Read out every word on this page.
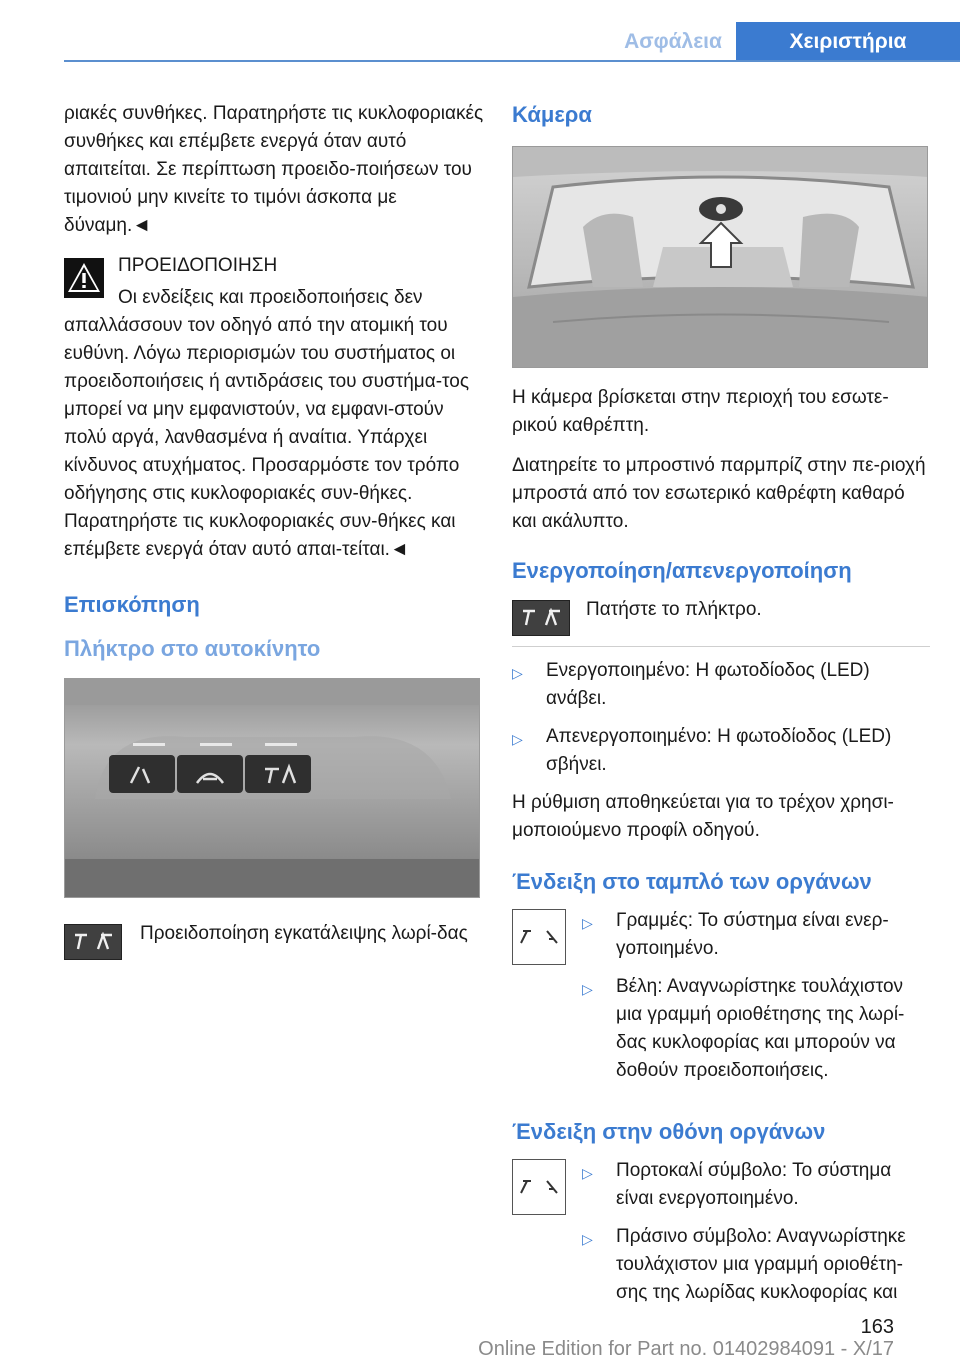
Ασφάλεια	Χειριστήρια
ριακές συνθήκες. Παρατηρήστε τις κυκλοφοριακές συνθήκες και επέμβετε ενεργά όταν αυτό απαιτείται. Σε περίπτωση προειδο-ποιήσεων του τιμονιού μην κινείτε το τιμόνι άσκοπα με δύναμη.◄
ΠΡΟΕΙΔΟΠΟΙΗΣΗ
Οι ενδείξεις και προειδοποιήσεις δεν απαλλάσσουν τον οδηγό από την ατομική του ευθύνη. Λόγω περιορισμών του συστήματος οι προειδοποιήσεις ή αντιδράσεις του συστήμα-τος μπορεί να μην εμφανιστούν, να εμφανι-στούν πολύ αργά, λανθασμένα ή αναίτια. Υπάρχει κίνδυνος ατυχήματος. Προσαρμόστε τον τρόπο οδήγησης στις κυκλοφοριακές συν-θήκες. Παρατηρήστε τις κυκλοφοριακές συν-θήκες και επέμβετε ενεργά όταν αυτό απαι-τείται.◄
Επισκόπηση
Πλήκτρο στο αυτοκίνητο
Προειδοποίηση εγκατάλειψης λωρί-δας
Κάμερα
Η κάμερα βρίσκεται στην περιοχή του εσωτε-ρικού καθρέπτη.
Διατηρείτε το μπροστινό παρμπρίζ στην πε-ριοχή μπροστά από τον εσωτερικό καθρέφτη καθαρό και ακάλυπτο.
Ενεργοποίηση/απενεργοποίηση
Πατήστε το πλήκτρο.
▷	Ενεργοποιημένο: Η φωτοδίοδος (LED) ανάβει.
▷	Απενεργοποιημένο: Η φωτοδίοδος (LED) σβήνει.
Η ρύθμιση αποθηκεύεται για το τρέχον χρησι-μοποιούμενο προφίλ οδηγού.
Ένδειξη στο ταμπλό των οργάνων
▷	Γραμμές: Το σύστημα είναι ενερ-γοποιημένο.
▷	Βέλη: Αναγνωρίστηκε τουλάχιστον μια γραμμή οριοθέτησης της λωρί-δας κυκλοφορίας και μπορούν να δοθούν προειδοποιήσεις.
Ένδειξη στην οθόνη οργάνων
▷	Πορτοκαλί σύμβολο: Το σύστημα είναι ενεργοποιημένο.
▷	Πράσινο σύμβολο: Αναγνωρίστηκε τουλάχιστον μια γραμμή οριοθέτη-σης της λωρίδας κυκλοφορίας και
163
Online Edition for Part no. 01402984091 - X/17
